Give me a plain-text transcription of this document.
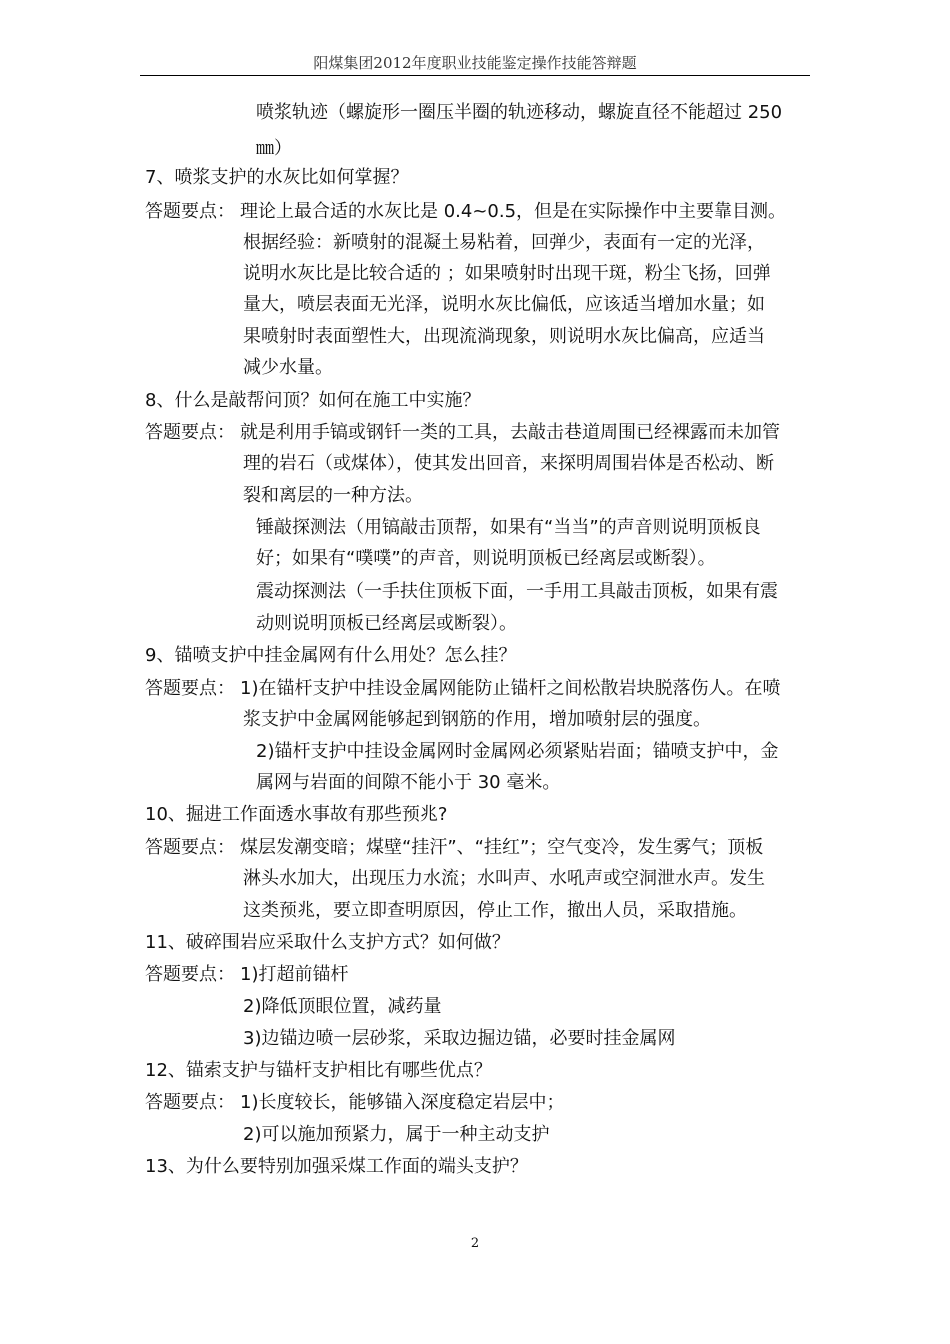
阳煤集团2012年度职业技能鉴定操作技能答辩题
喷浆轨迹（螺旋形一圈压半圈的轨迹移动，螺旋直径不能超过 250
㎜）
7、喷浆支护的水灰比如何掌握？
答题要点： 理论上最合适的水灰比是 0.4~0.5，但是在实际操作中主要靠目测。
根据经验：新喷射的混凝土易粘着，回弹少，表面有一定的光泽，
说明水灰比是比较合适的 ；如果喷射时出现干斑，粉尘飞扬，回弹
量大，喷层表面无光泽，说明水灰比偏低，应该适当增加水量；如
果喷射时表面塑性大，出现流淌现象，则说明水灰比偏高，应适当
减少水量。
8、什么是敲帮问顶？如何在施工中实施？
答题要点： 就是利用手镐或钢钎一类的工具，去敲击巷道周围已经裸露而未加管
理的岩石（或煤体），使其发出回音，来探明周围岩体是否松动、断
裂和离层的一种方法。
锤敲探测法（用镐敲击顶帮，如果有“当当”的声音则说明顶板良
好；如果有“噗噗”的声音，则说明顶板已经离层或断裂）。
震动探测法（一手扶住顶板下面，一手用工具敲击顶板，如果有震
动则说明顶板已经离层或断裂）。
9、锚喷支护中挂金属网有什么用处？怎么挂？
答题要点： 1)在锚杆支护中挂设金属网能防止锚杆之间松散岩块脱落伤人。在喷
浆支护中金属网能够起到钢筋的作用，增加喷射层的强度。
2)锚杆支护中挂设金属网时金属网必须紧贴岩面；锚喷支护中，金
属网与岩面的间隙不能小于 30 毫米。
10、掘进工作面透水事故有那些预兆?
答题要点： 煤层发潮变暗；煤壁“挂汗”、“挂红”；空气变冷，发生雾气；顶板
淋头水加大，出现压力水流；水叫声、水吼声或空洞泄水声。发生
这类预兆，要立即查明原因，停止工作，撤出人员，采取措施。
11、破碎围岩应采取什么支护方式？如何做？
答题要点： 1)打超前锚杆
2)降低顶眼位置，减药量
3)边锚边喷一层砂浆，采取边掘边锚，必要时挂金属网
12、锚索支护与锚杆支护相比有哪些优点？
答题要点： 1)长度较长，能够锚入深度稳定岩层中；
2)可以施加预紧力，属于一种主动支护
13、为什么要特别加强采煤工作面的端头支护？
2
